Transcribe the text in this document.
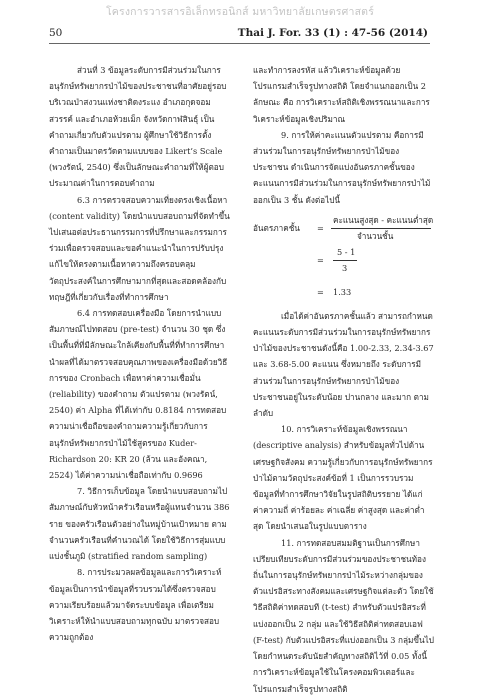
โครงการวารสารอิเล็กทรอนิกส์ มหาวิทยาลัยเกษตรศาสตร์
50	Thai J. For. 33 (1) : 47-56 (2014)

ส่วนที่ 3 ข้อมูลระดับการมีส่วนร่วมในการอนุรักษ์ทรัพยากรป่าไม้ของประชาชนที่อาศัยอยู่รอบบริเวณป่าสงวนแห่งชาติดงระแง อำเภอกุดจอมสวรรค์ และอำเภอห้วยเม็ก จังหวัดกาฬสินธุ์ เป็นคำถามเกี่ยวกับตัวแปรตาม ผู้ศึกษาใช้วิธีการตั้งคำถามเป็นมาตรวัดตามแบบของ Likert’s Scale (พวงรัตน์, 2540) ซึ่งเป็นลักษณะคำถามที่ให้ผู้ตอบประมาณค่าในการตอบคำถาม

6.3 การตรวจสอบความเที่ยงตรงเชิงเนื้อหา (content validity) โดยนำแบบสอบถามที่จัดทำขึ้นไปเสนอต่อประธานกรรมการที่ปรึกษาและกรรมการร่วมเพื่อตรวจสอบและขอคำแนะนำในการปรับปรุงแก้ไขให้ตรงตามเนื้อหาความถึงครอบคลุมวัตถุประสงค์ในการศึกษามากที่สุดและสอดคล้องกับทฤษฎีที่เกี่ยวกับเรื่องที่ทำการศึกษา

6.4 การทดสอบเครื่องมือ โดยการนำแบบสัมภาษณ์ไปทดสอบ (pre-test) จำนวน 30 ชุด ซึ่งเป็นพื้นที่ที่มีลักษณะใกล้เคียงกับพื้นที่ที่ทำการศึกษา นำผลที่ได้มาตรวจสอบคุณภาพของเครื่องมือด้วยวิธีการของ Cronbach เพื่อหาค่าความเชื่อมั่น (reliability) ของคำถาม ตัวแปรตาม (พวงรัตน์, 2540) ค่า Alpha ที่ได้เท่ากับ 0.8184 การทดสอบความน่าเชื่อถือของคำถามความรู้เกี่ยวกับการอนุรักษ์ทรัพยากรป่าไม้ใช้สูตรของ Kuder-Richardson 20: KR 20 (ล้วน และอังคณา, 2524) ได้ค่าความน่าเชื่อถือเท่ากับ 0.9696

7. วิธีการเก็บข้อมูล โดยนำแบบสอบถามไปสัมภาษณ์กับหัวหน้าครัวเรือนหรือผู้แทนจำนวน 386 ราย ของครัวเรือนตัวอย่างในหมู่บ้านเป้าหมาย ตามจำนวนครัวเรือนที่คำนวณได้ โดยใช้วิธีการสุ่มแบบแบ่งชั้นภูมิ (stratified random sampling)

8. การประมวลผลข้อมูลและการวิเคราะห์ข้อมูลเป็นการนำข้อมูลที่รวบรวมได้ซึ่งตรวจสอบความเรียบร้อยแล้วมาจัดระบบข้อมูล เพื่อเตรียมวิเคราะห์ให้นำแบบสอบถามทุกฉบับ มาตรวจสอบความถูกต้อง

และทำการลงรหัส แล้ววิเคราะห์ข้อมูลด้วยโปรแกรมสำเร็จรูปทางสถิติ โดยจำแนกออกเป็น 2 ลักษณะ คือ การวิเคราะห์สถิติเชิงพรรณนาและการวิเคราะห์ข้อมูลเชิงปริมาณ

9. การให้ค่าคะแนนตัวแปรตาม คือการมีส่วนร่วมในการอนุรักษ์ทรัพยากรป่าไม้ของประชาชน ดำเนินการจัดแบ่งอันตรภาคชั้นของคะแนนการมีส่วนร่วมในการอนุรักษ์ทรัพยากรป่าไม้ออกเป็น 3 ชั้น ดังต่อไปนี้

อันตรภาคชั้น =
คะแนนสูงสุด - คะแนนต่ำสุด
จำนวนชั้น
=
5 - 1
3
= 1.33

เมื่อได้ค่าอันตรภาคชั้นแล้ว สามารถกำหนดคะแนนระดับการมีส่วนร่วมในการอนุรักษ์ทรัพยากรป่าไม้ของประชาชนดังนี้คือ 1.00-2.33, 2.34-3.67 และ 3.68-5.00 คะแนน ซึ่งหมายถึง ระดับการมีส่วนร่วมในการอนุรักษ์ทรัพยากรป่าไม้ของประชาชนอยู่ในระดับน้อย ปานกลาง และมาก ตามลำดับ

10. การวิเคราะห์ข้อมูลเชิงพรรณนา (descriptive analysis) สำหรับข้อมูลทั่วไปด้านเศรษฐกิจสังคม ความรู้เกี่ยวกับการอนุรักษ์ทรัพยากรป่าไม้ตามวัตถุประสงค์ข้อที่ 1 เป็นการรวบรวมข้อมูลที่ทำการศึกษาวิจัยในรูปสถิติบรรยาย ได้แก่ ค่าความถี่ ค่าร้อยละ ค่าเฉลี่ย ค่าสูงสุด และค่าต่ำสุด โดยนำเสนอในรูปแบบตาราง

11. การทดสอบสมมติฐานเป็นการศึกษาเปรียบเทียบระดับการมีส่วนร่วมของประชาชนท้องถิ่นในการอนุรักษ์ทรัพยากรป่าไม้ระหว่างกลุ่มของตัวแปรอิสระทางสังคมและเศรษฐกิจแต่ละตัว โดยใช้วิธีสถิติค่าทดสอบที (t-test) สำหรับตัวแปรอิสระที่แบ่งออกเป็น 2 กลุ่ม และใช้วิธีสถิติค่าทดสอบเอฟ (F-test) กับตัวแปรอิสระที่แบ่งออกเป็น 3 กลุ่มขึ้นไป โดยกำหนดระดับนัยสำคัญทางสถิติไว้ที่ 0.05 ทั้งนี้การวิเคราะห์ข้อมูลใช้ในโครงคอมพิวเตอร์และโปรแกรมสำเร็จรูปทางสถิติ
